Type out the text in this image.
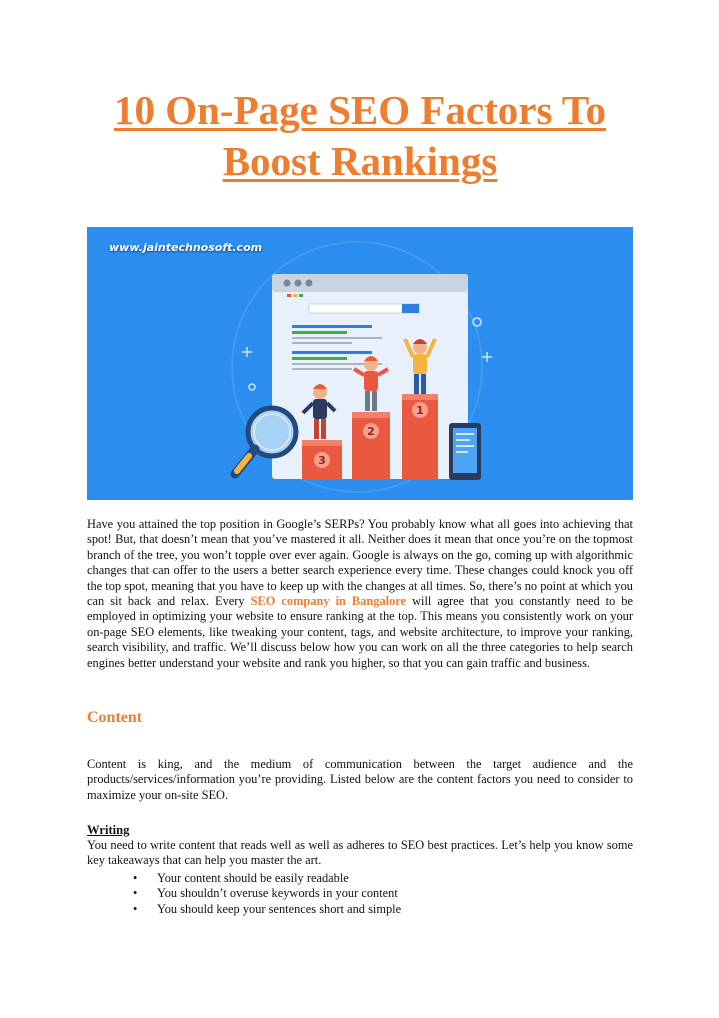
10 On-Page SEO Factors To
Boost Rankings
3
2
1
www.jaintechnosoft.com

Have you attained the top position in Google’s SERPs? You probably know what all goes into achieving that spot! But, that doesn’t mean that you’ve mastered it all. Neither does it mean that once you’re on the topmost branch of the tree, you won’t topple over ever again. Google is always on the go, coming up with algorithmic changes that can offer to the users a better search experience every time. These changes could knock you off the top spot, meaning that you have to keep up with the changes at all times. So, there’s no point at which you can sit back and relax. Every SEO company in Bangalore will agree that you constantly need to be employed in optimizing your website to ensure ranking at the top. This means you consistently work on your on-page SEO elements, like tweaking your content, tags, and website architecture, to improve your ranking, search visibility, and traffic. We’ll discuss below how you can work on all the three categories to help search engines better understand your website and rank you higher, so that you can gain traffic and business.

Content

Content is king, and the medium of communication between the target audience and the products/services/information you’re providing. Listed below are the content factors you need to consider to maximize your on-site SEO.

Writing

You need to write content that reads well as well as adheres to SEO best practices. Let’s help you know some key takeaways that can help you master the art.

• Your content should be easily readable
• You shouldn’t overuse keywords in your content
• You should keep your sentences short and simple
